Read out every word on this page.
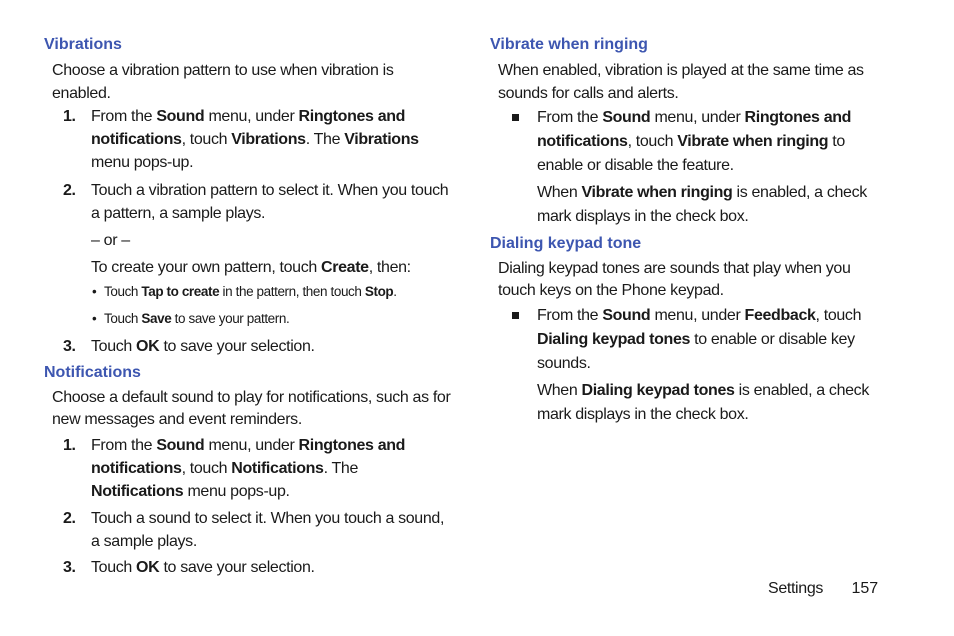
Vibrations

Choose a vibration pattern to use when vibration is enabled.

1. From the Sound menu, under Ringtones and notifications, touch Vibrations. The Vibrations menu pops-up.

2. Touch a vibration pattern to select it. When you touch a pattern, a sample plays.

– or –

To create your own pattern, touch Create, then:

• Touch Tap to create in the pattern, then touch Stop.

• Touch Save to save your pattern.

3. Touch OK to save your selection.

Notifications

Choose a default sound to play for notifications, such as for new messages and event reminders.

1. From the Sound menu, under Ringtones and notifications, touch Notifications. The Notifications menu pops-up.

2. Touch a sound to select it. When you touch a sound, a sample plays.

3. Touch OK to save your selection.

Vibrate when ringing

When enabled, vibration is played at the same time as sounds for calls and alerts.

From the Sound menu, under Ringtones and notifications, touch Vibrate when ringing to enable or disable the feature.

When Vibrate when ringing is enabled, a check mark displays in the check box.

Dialing keypad tone

Dialing keypad tones are sounds that play when you touch keys on the Phone keypad.

From the Sound menu, under Feedback, touch Dialing keypad tones to enable or disable key sounds.

When Dialing keypad tones is enabled, a check mark displays in the check box.

Settings 157
